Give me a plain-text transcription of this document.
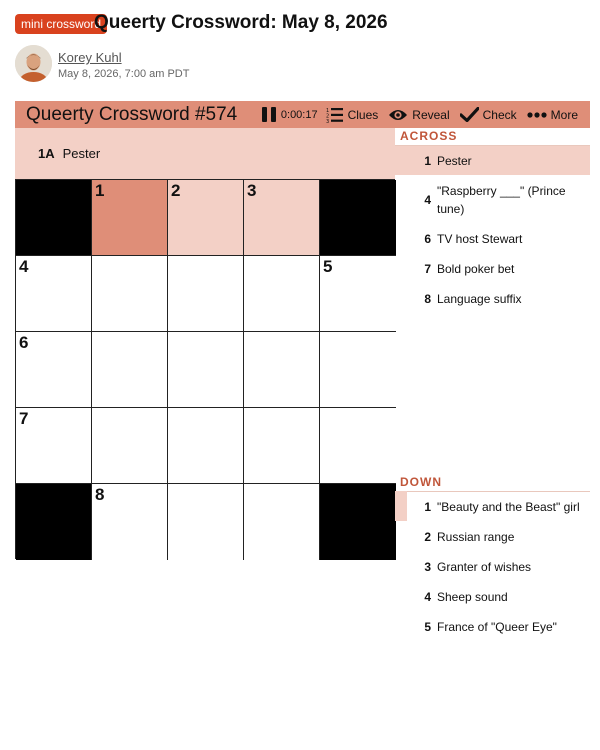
mini crossword
Queerty Crossword: May 8, 2026
Korey Kuhl
May 8, 2026, 7:00 am PDT
Queerty Crossword #574	0:00:17 1
2
3 Clues	Reveal	Check	More
1A Pester
1	2	3
4	5
6
7
8
ACROSS
1 Pester
4
"Raspberry ___" (Prince tune)
6 TV host Stewart
7 Bold poker bet
8 Language suffix
DOWN
1 "Beauty and the Beast" girl
2 Russian range
3 Granter of wishes
4 Sheep sound
5 France of "Queer Eye"
